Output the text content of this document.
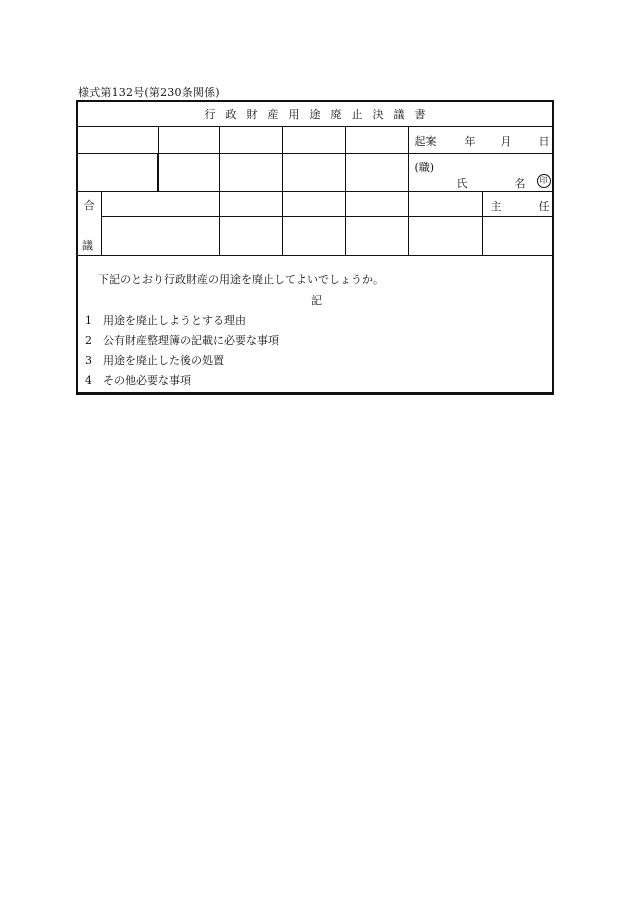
様式第132号(第230条関係)
行政財産用途廃止決議書							

						起案 年 月 日	

						(職)
氏 名 印	

合							主 任

議
下記のとおり行政財産の用途を廃止してよいでしょうか。
記
1 用途を廃止しようとする理由
2 公有財産整理簿の記載に必要な事項
3 用途を廃止した後の処置
4 その他必要な事項
